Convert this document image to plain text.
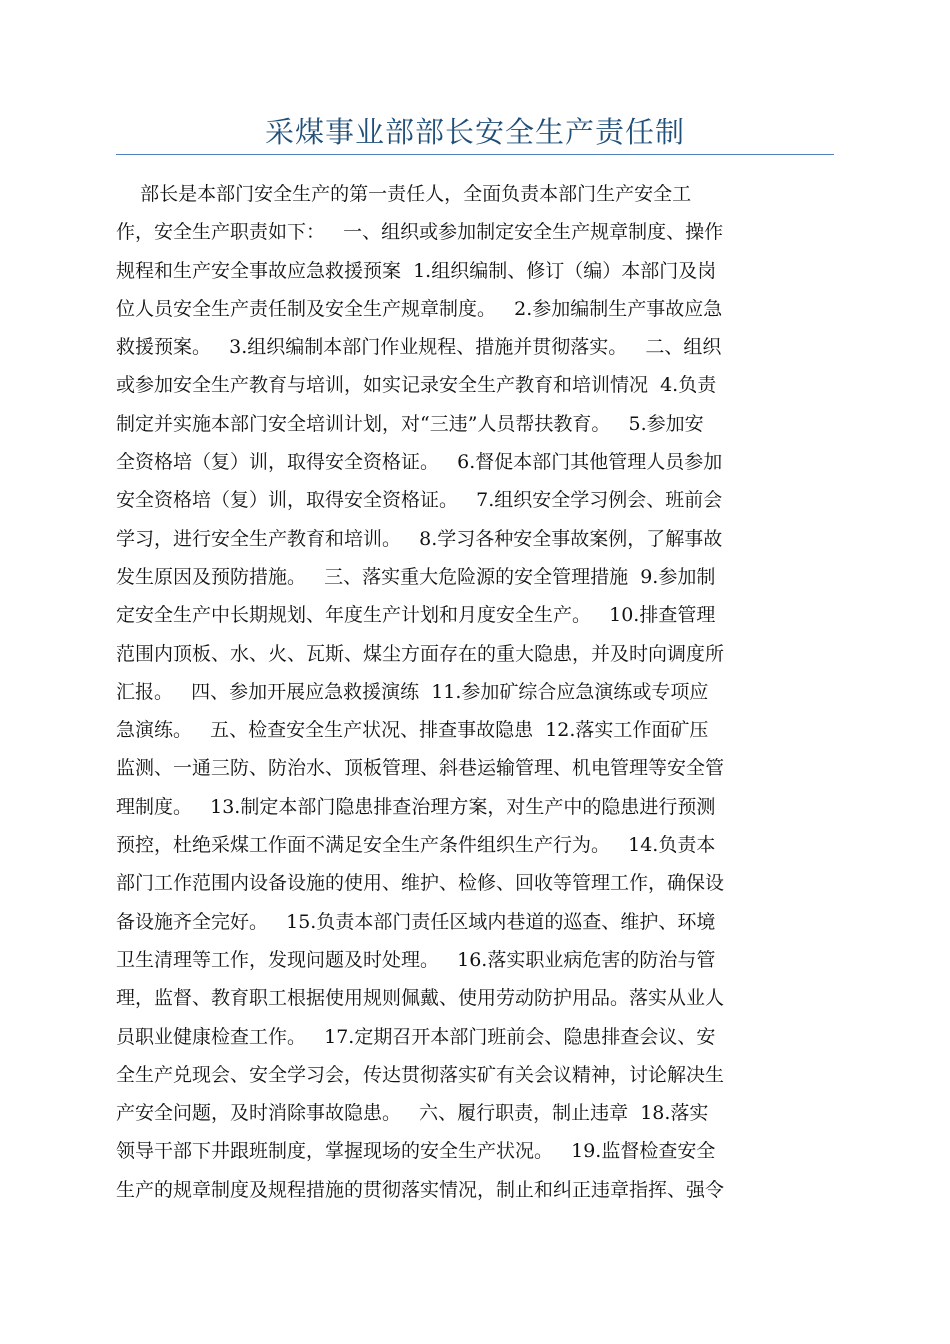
采煤事业部部长安全生产责任制
部长是本部门安全生产的第一责任人，全面负责本部门生产安全工
作，安全生产职责如下：   一、组织或参加制定安全生产规章制度、操作
规程和生产安全事故应急救援预案  1.组织编制、修订（编）本部门及岗
位人员安全生产责任制及安全生产规章制度。   2.参加编制生产事故应急
救援预案。   3.组织编制本部门作业规程、措施并贯彻落实。   二、组织
或参加安全生产教育与培训，如实记录安全生产教育和培训情况  4.负责
制定并实施本部门安全培训计划，对“三违”人员帮扶教育。   5.参加安
全资格培（复）训，取得安全资格证。   6.督促本部门其他管理人员参加
安全资格培（复）训，取得安全资格证。   7.组织安全学习例会、班前会
学习，进行安全生产教育和培训。   8.学习各种安全事故案例，了解事故
发生原因及预防措施。   三、落实重大危险源的安全管理措施  9.参加制
定安全生产中长期规划、年度生产计划和月度安全生产。   10.排查管理
范围内顶板、水、火、瓦斯、煤尘方面存在的重大隐患，并及时向调度所
汇报。   四、参加开展应急救援演练  11.参加矿综合应急演练或专项应
急演练。   五、检查安全生产状况、排查事故隐患  12.落实工作面矿压
监测、一通三防、防治水、顶板管理、斜巷运输管理、机电管理等安全管
理制度。   13.制定本部门隐患排查治理方案，对生产中的隐患进行预测
预控，杜绝采煤工作面不满足安全生产条件组织生产行为。   14.负责本
部门工作范围内设备设施的使用、维护、检修、回收等管理工作，确保设
备设施齐全完好。   15.负责本部门责任区域内巷道的巡查、维护、环境
卫生清理等工作，发现问题及时处理。   16.落实职业病危害的防治与管
理，监督、教育职工根据使用规则佩戴、使用劳动防护用品。落实从业人
员职业健康检查工作。   17.定期召开本部门班前会、隐患排查会议、安
全生产兑现会、安全学习会，传达贯彻落实矿有关会议精神，讨论解决生
产安全问题，及时消除事故隐患。   六、履行职责，制止违章  18.落实
领导干部下井跟班制度，掌握现场的安全生产状况。   19.监督检查安全
生产的规章制度及规程措施的贯彻落实情况，制止和纠正违章指挥、强令
